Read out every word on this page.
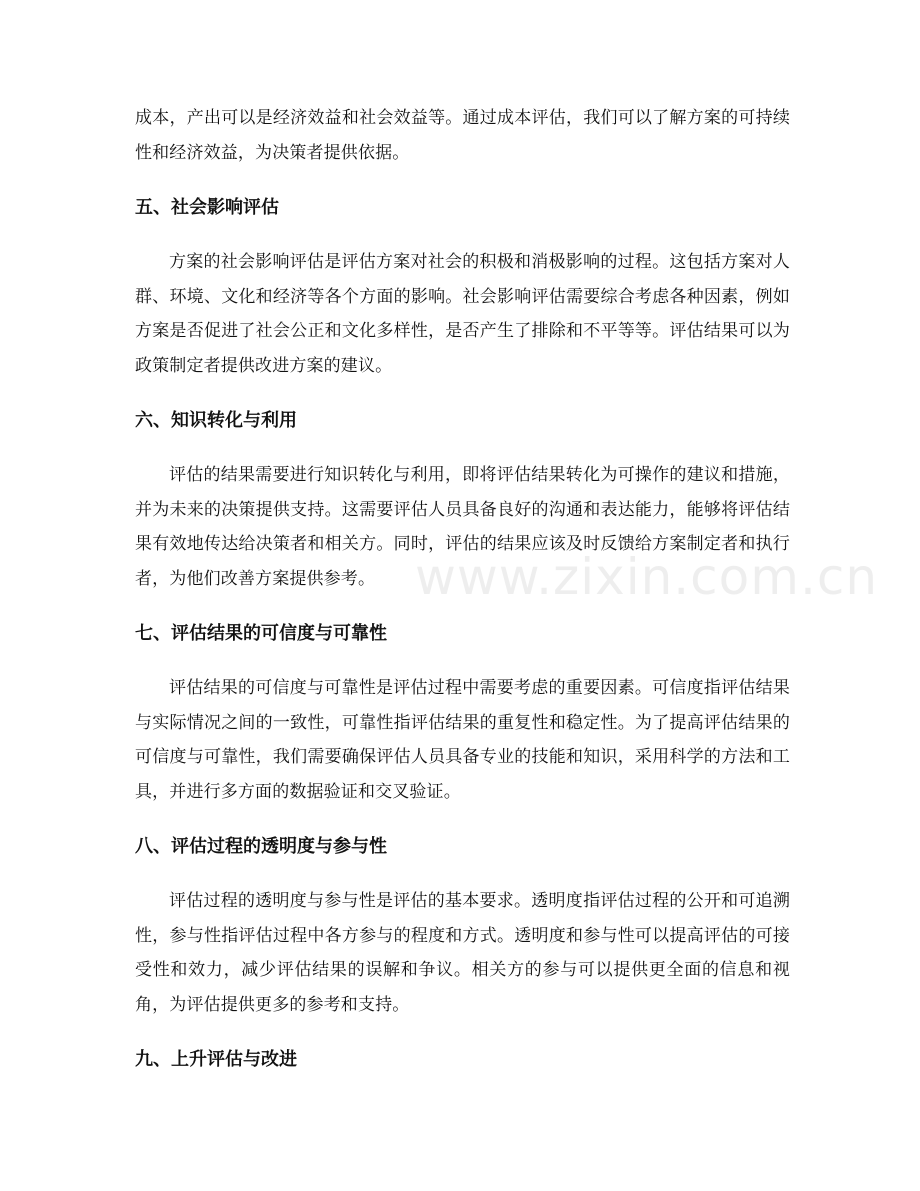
成本，产出可以是经济效益和社会效益等。通过成本评估，我们可以了解方案的可持续性和经济效益，为决策者提供依据。

五、社会影响评估

方案的社会影响评估是评估方案对社会的积极和消极影响的过程。这包括方案对人群、环境、文化和经济等各个方面的影响。社会影响评估需要综合考虑各种因素，例如方案是否促进了社会公正和文化多样性，是否产生了排除和不平等等。评估结果可以为政策制定者提供改进方案的建议。

六、知识转化与利用

评估的结果需要进行知识转化与利用，即将评估结果转化为可操作的建议和措施，并为未来的决策提供支持。这需要评估人员具备良好的沟通和表达能力，能够将评估结果有效地传达给决策者和相关方。同时，评估的结果应该及时反馈给方案制定者和执行者，为他们改善方案提供参考。

七、评估结果的可信度与可靠性

评估结果的可信度与可靠性是评估过程中需要考虑的重要因素。可信度指评估结果与实际情况之间的一致性，可靠性指评估结果的重复性和稳定性。为了提高评估结果的可信度与可靠性，我们需要确保评估人员具备专业的技能和知识，采用科学的方法和工具，并进行多方面的数据验证和交叉验证。

八、评估过程的透明度与参与性

评估过程的透明度与参与性是评估的基本要求。透明度指评估过程的公开和可追溯性，参与性指评估过程中各方参与的程度和方式。透明度和参与性可以提高评估的可接受性和效力，减少评估结果的误解和争议。相关方的参与可以提供更全面的信息和视角，为评估提供更多的参考和支持。

九、上升评估与改进
www.zixin.com.cn
